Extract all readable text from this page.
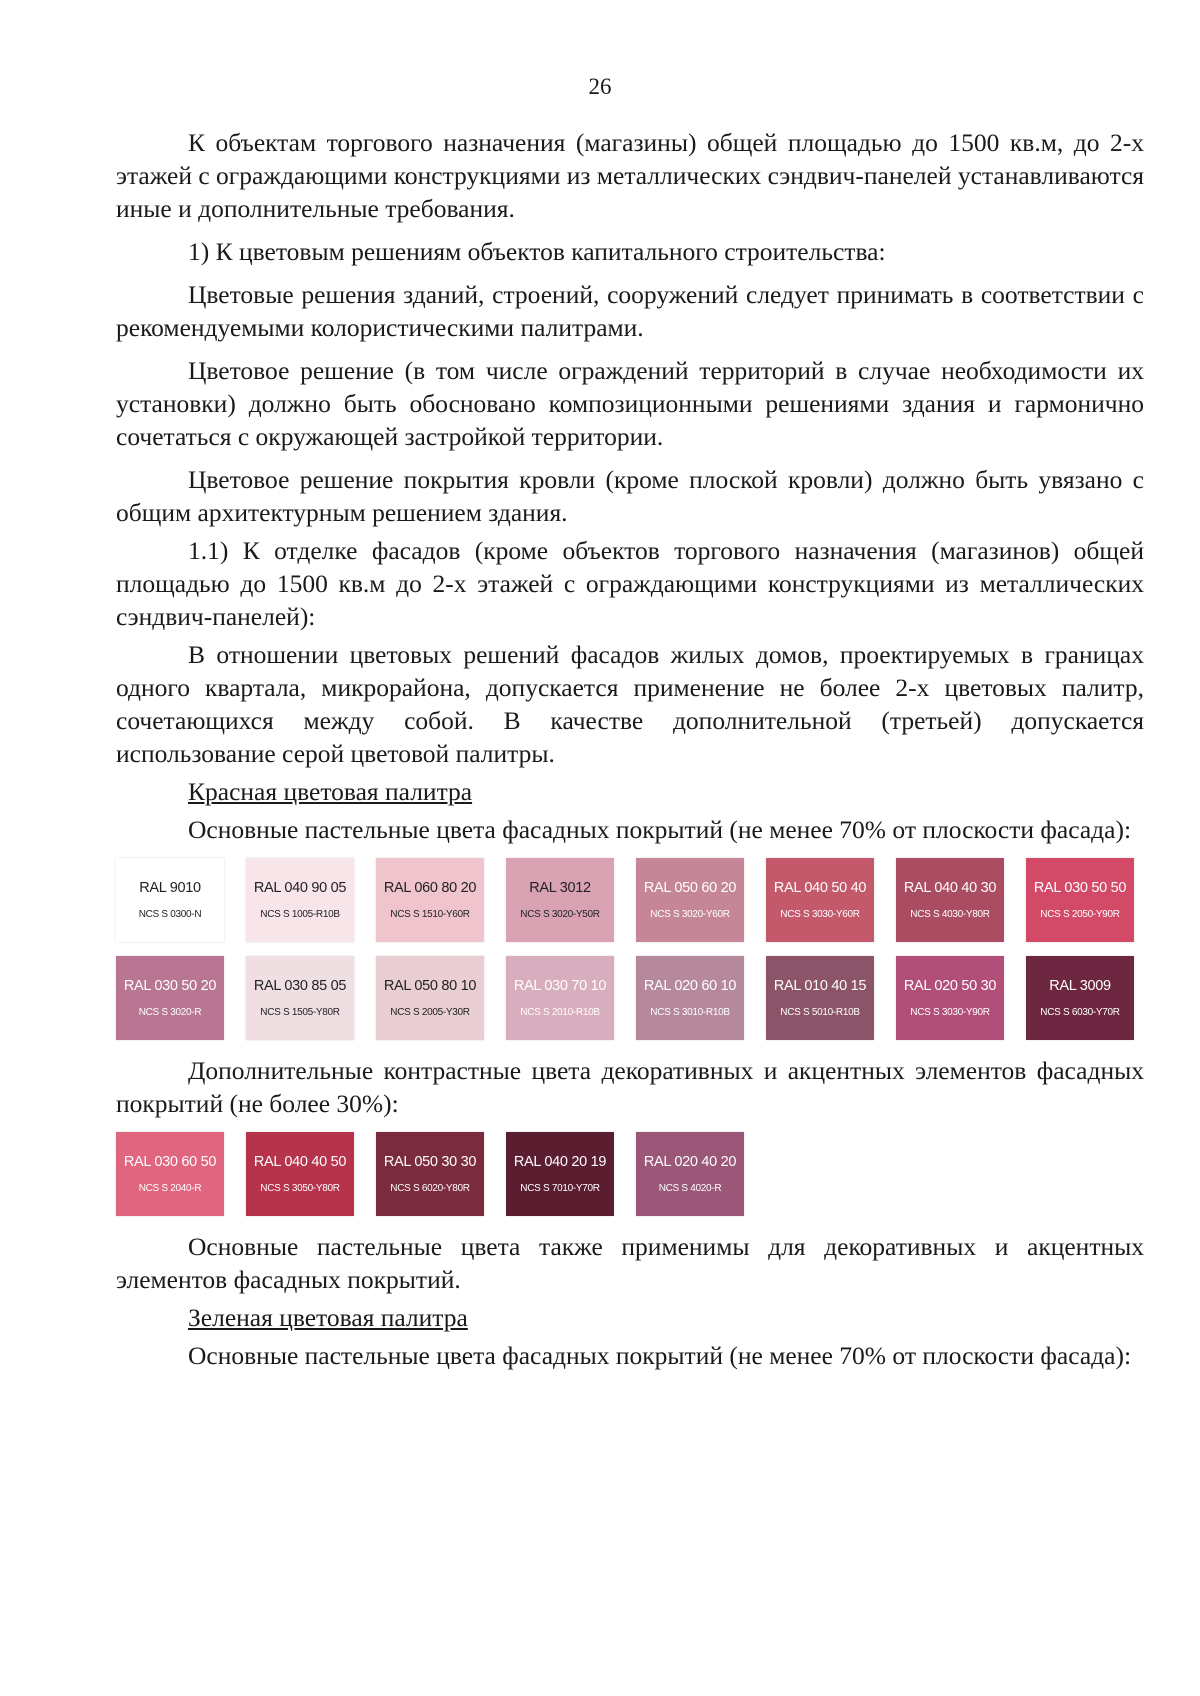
26

К объектам торгового назначения (магазины) общей площадью до 1500 кв.м, до 2-х этажей с ограждающими конструкциями из металлических сэндвич-панелей устанавливаются иные и дополнительные требования.

1) К цветовым решениям объектов капитального строительства:

Цветовые решения зданий, строений, сооружений следует принимать в соответствии с рекомендуемыми колористическими палитрами.

Цветовое решение (в том числе ограждений территорий в случае необходимости их установки) должно быть обосновано композиционными решениями здания и гармонично сочетаться с окружающей застройкой территории.

Цветовое решение покрытия кровли (кроме плоской кровли) должно быть увязано с общим архитектурным решением здания.

1.1) К отделке фасадов (кроме объектов торгового назначения (магазинов) общей площадью до 1500 кв.м до 2-х этажей с ограждающими конструкциями из металлических сэндвич-панелей):

В отношении цветовых решений фасадов жилых домов, проектируемых в границах одного квартала, микрорайона, допускается применение не более 2-х цветовых палитр, сочетающихся между собой. В качестве дополнительной (третьей) допускается использование серой цветовой палитры.

Красная цветовая палитра

Основные пастельные цвета фасадных покрытий (не менее 70% от плоскости фасада):

RAL 9010
NCS S 0300-N
RAL 040 90 05
NCS S 1005-R10B
RAL 060 80 20
NCS S 1510-Y60R
RAL 3012
NCS S 3020-Y50R
RAL 050 60 20
NCS S 3020-Y60R
RAL 040 50 40
NCS S 3030-Y60R
RAL 040 40 30
NCS S 4030-Y80R
RAL 030 50 50
NCS S 2050-Y90R
RAL 030 50 20
NCS S 3020-R
RAL 030 85 05
NCS S 1505-Y80R
RAL 050 80 10
NCS S 2005-Y30R
RAL 030 70 10
NCS S 2010-R10B
RAL 020 60 10
NCS S 3010-R10B
RAL 010 40 15
NCS S 5010-R10B
RAL 020 50 30
NCS S 3030-Y90R
RAL 3009
NCS S 6030-Y70R

Дополнительные контрастные цвета декоративных и акцентных элементов фасадных покрытий (не более 30%):

RAL 030 60 50
NCS S 2040-R
RAL 040 40 50
NCS S 3050-Y80R
RAL 050 30 30
NCS S 6020-Y80R
RAL 040 20 19
NCS S 7010-Y70R
RAL 020 40 20
NCS S 4020-R

Основные пастельные цвета также применимы для декоративных и акцентных элементов фасадных покрытий.

Зеленая цветовая палитра

Основные пастельные цвета фасадных покрытий (не менее 70% от плоскости фасада):
